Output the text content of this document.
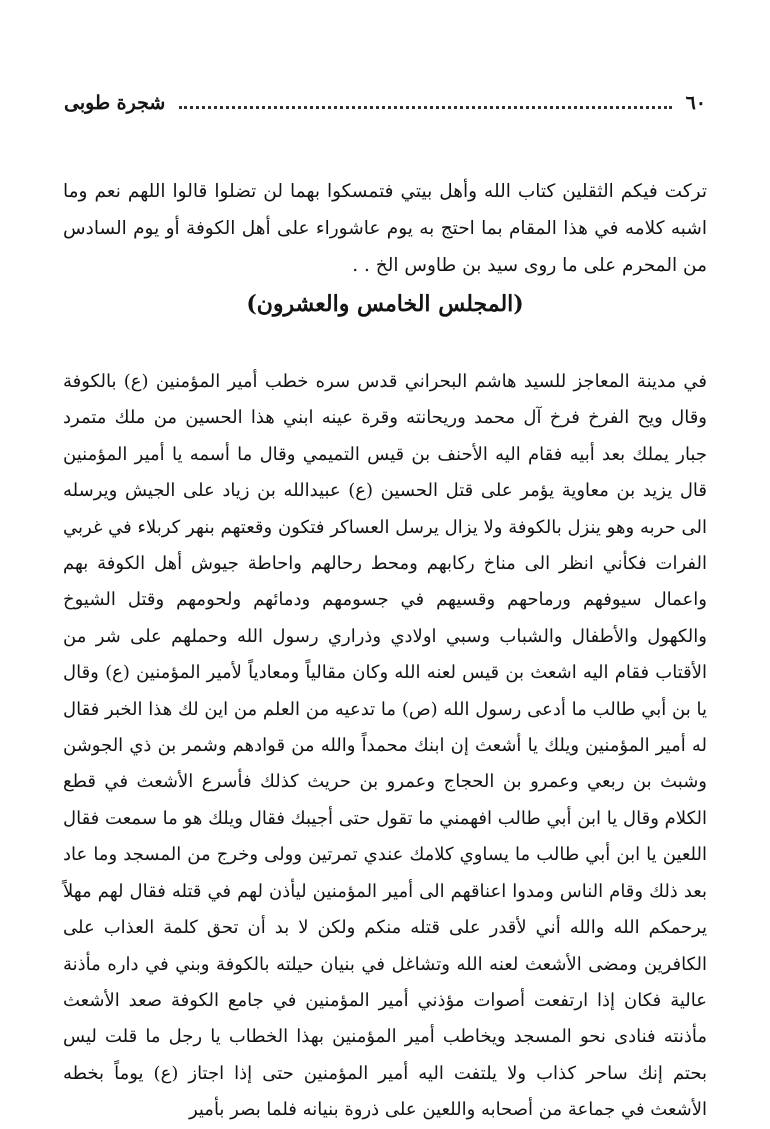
٦٠
شجرة طوبى

تركت فيكم الثقلين كتاب الله وأهل بيتي فتمسكوا بهما لن تضلوا قالوا اللهم نعم وما اشبه كلامه في هذا المقام بما احتج به يوم عاشوراء على أهل الكوفة أو يوم السادس من المحرم على ما روى سيد بن طاوس الخ . .

(المجلس الخامس والعشرون)

في مدينة المعاجز للسيد هاشم البحراني قدس سره خطب أمير المؤمنين (ع) بالكوفة وقال ويح الفرخ فرخ آل محمد وريحانته وقرة عينه ابني هذا الحسين من ملك متمرد جبار يملك بعد أبيه فقام اليه الأحنف بن قيس التميمي وقال ما أسمه يا أمير المؤمنين قال يزيد بن معاوية يؤمر على قتل الحسين (ع) عبيدالله بن زياد على الجيش ويرسله الى حربه وهو ينزل بالكوفة ولا يزال يرسل العساكر فتكون وقعتهم بنهر كربلاء في غربي الفرات فكأني انظر الى مناخ ركابهم ومحط رحالهم واحاطة جيوش أهل الكوفة بهم واعمال سيوفهم ورماحهم وقسيهم في جسومهم ودمائهم ولحومهم وقتل الشيوخ والكهول والأطفال والشباب وسبي اولادي وذراري رسول الله وحملهم على شر من الأقتاب فقام اليه اشعث بن قيس لعنه الله وكان مقالياً ومعادياً لأمير المؤمنين (ع) وقال يا بن أبي طالب ما أدعى رسول الله (ص) ما تدعيه من العلم من اين لك هذا الخبر فقال له أمير المؤمنين ويلك يا أشعث إن ابنك محمداً والله من قوادهم وشمر بن ذي الجوشن وشبث بن ربعي وعمرو بن الحجاج وعمرو بن حريث كذلك فأسرع الأشعث في قطع الكلام وقال يا ابن أبي طالب افهمني ما تقول حتى أجيبك فقال ويلك هو ما سمعت فقال اللعين يا ابن أبي طالب ما يساوي كلامك عندي تمرتين وولى وخرج من المسجد وما عاد بعد ذلك وقام الناس ومدوا اعناقهم الى أمير المؤمنين ليأذن لهم في قتله فقال لهم مهلاً يرحمكم الله والله أني لأقدر على قتله منكم ولكن لا بد أن تحق كلمة العذاب على الكافرين ومضى الأشعث لعنه الله وتشاغل في بنيان حيلته بالكوفة وبني في داره مأذنة عالية فكان إذا ارتفعت أصوات مؤذني أمير المؤمنين في جامع الكوفة صعد الأشعث مأذنته فنادى نحو المسجد ويخاطب أمير المؤمنين بهذا الخطاب يا رجل ما قلت ليس بحتم إنك ساحر كذاب ولا يلتفت اليه أمير المؤمنين حتى إذا اجتاز (ع) يوماً بخطه الأشعث في جماعة من أصحابه واللعين على ذروة بنيانه فلما بصر بأمير
